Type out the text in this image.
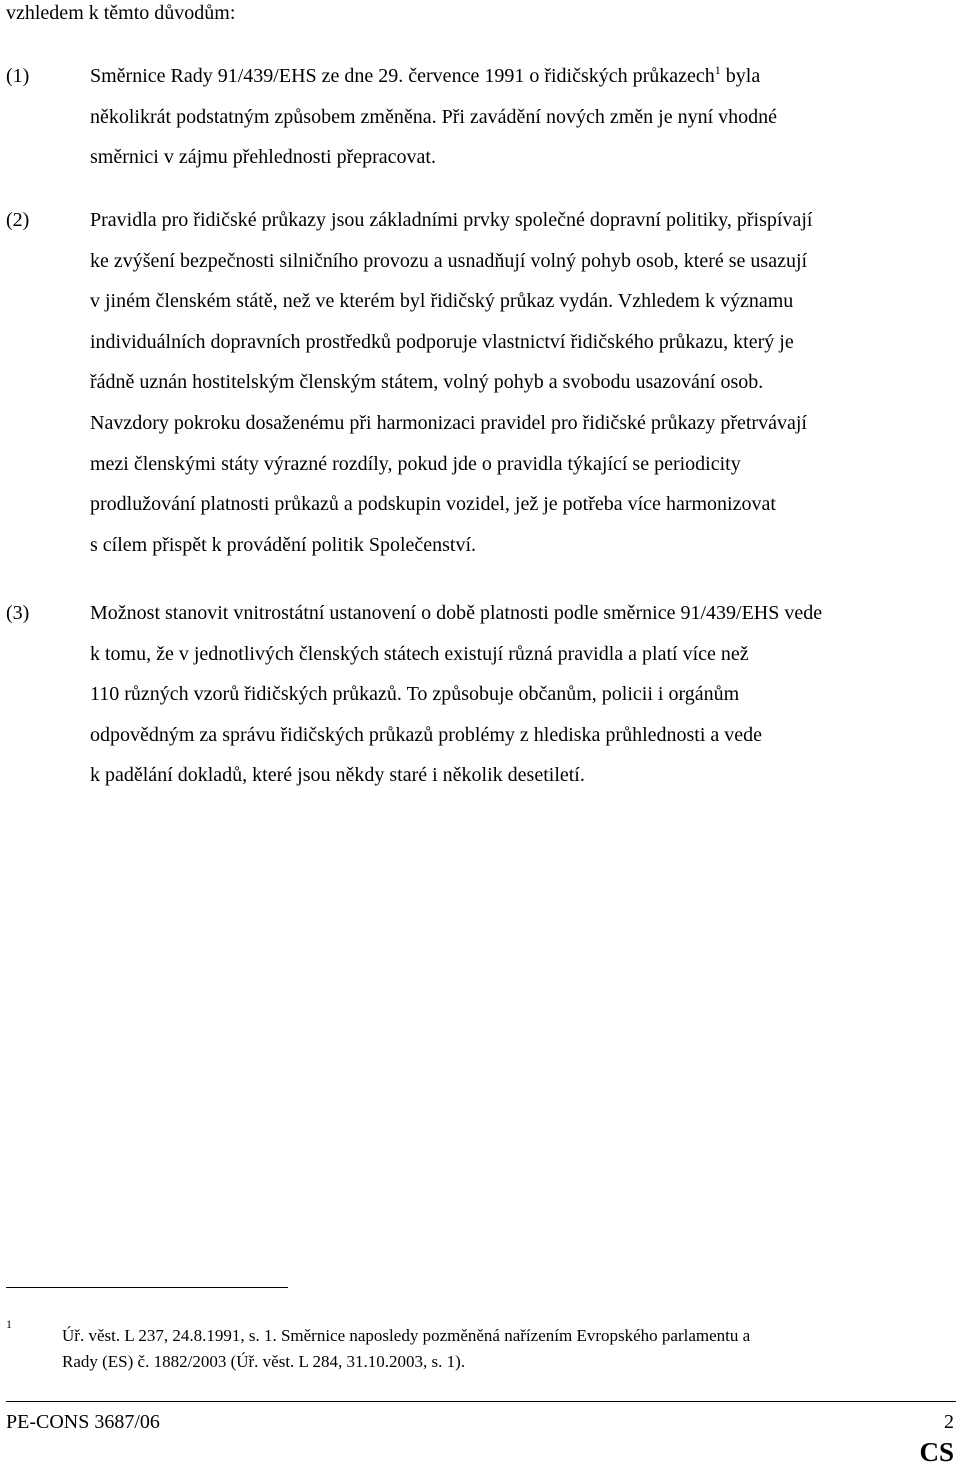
vzhledem k těmto důvodům:
(1)	Směrnice Rady 91/439/EHS ze dne 29. července 1991 o řidičských průkazech$^1$ byla
několikrát podstatným způsobem změněna. Při zavádění nových změn je nyní vhodné
směrnici v zájmu přehlednosti přepracovat.
(2)	Pravidla pro řidičské průkazy jsou základními prvky společné dopravní politiky, přispívají
ke zvýšení bezpečnosti silničního provozu a usnadňují volný pohyb osob, které se usazují
v jiném členském státě, než ve kterém byl řidičský průkaz vydán. Vzhledem k významu
individuálních dopravních prostředků podporuje vlastnictví řidičského průkazu, který je
řádně uznán hostitelským členským státem, volný pohyb a svobodu usazování osob.
Navzdory pokroku dosaženému při harmonizaci pravidel pro řidičské průkazy přetrvávají
mezi členskými státy výrazné rozdíly, pokud jde o pravidla týkající se periodicity
prodlužování platnosti průkazů a podskupin vozidel, jež je potřeba více harmonizovat
s cílem přispět k provádění politik Společenství.
(3)	Možnost stanovit vnitrostátní ustanovení o době platnosti podle směrnice 91/439/EHS vede
k tomu, že v jednotlivých členských státech existují různá pravidla a platí více než
110 různých vzorů řidičských průkazů. To způsobuje občanům, policii i orgánům
odpovědným za správu řidičských průkazů problémy z hlediska průhlednosti a vede
k padělání dokladů, které jsou někdy staré i několik desetiletí.
1
Úř. věst. L 237, 24.8.1991, s. 1. Směrnice naposledy pozměněná nařízením Evropského parlamentu a
Rady (ES) č. 1882/2003 (Úř. věst. L 284, 31.10.2003, s. 1).
PE-CONS 3687/06	2
CS
